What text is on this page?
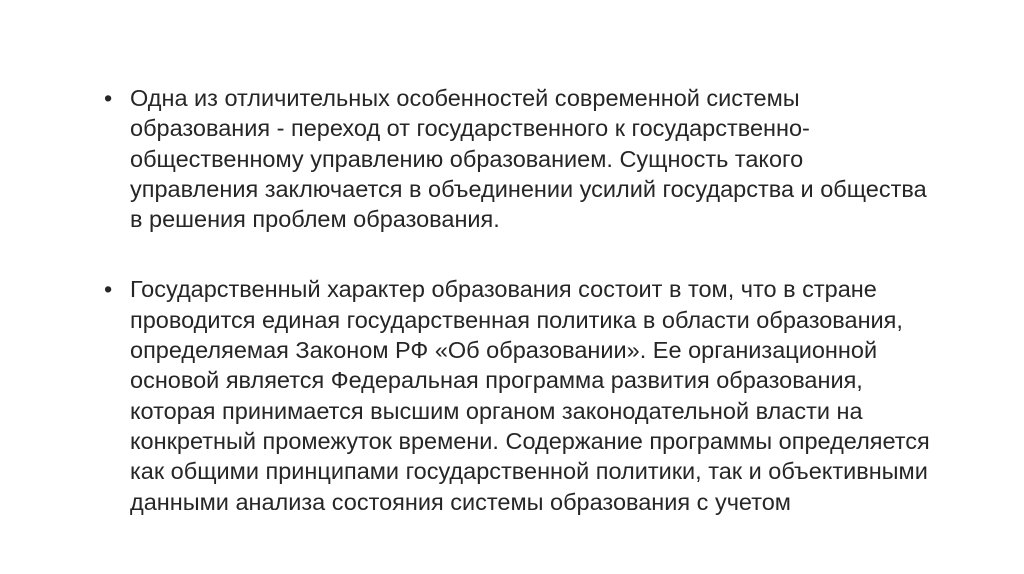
• Одна из отличительных особенностей современной системы образования - переход от государственного к государственно-общественному управлению образованием. Сущность такого управления заключается в объединении усилий государства и общества в решения проблем образования.
• Государственный характер образования состоит в том, что в стране проводится единая государственная политика в области образования, определяемая Законом РФ «Об образовании». Ее организационной основой является Федеральная программа развития образования, которая принимается высшим органом законодательной власти на конкретный промежуток времени. Содержание программы определяется как общими принципами государственной политики, так и объективными данными анализа состояния системы образования с учетом
